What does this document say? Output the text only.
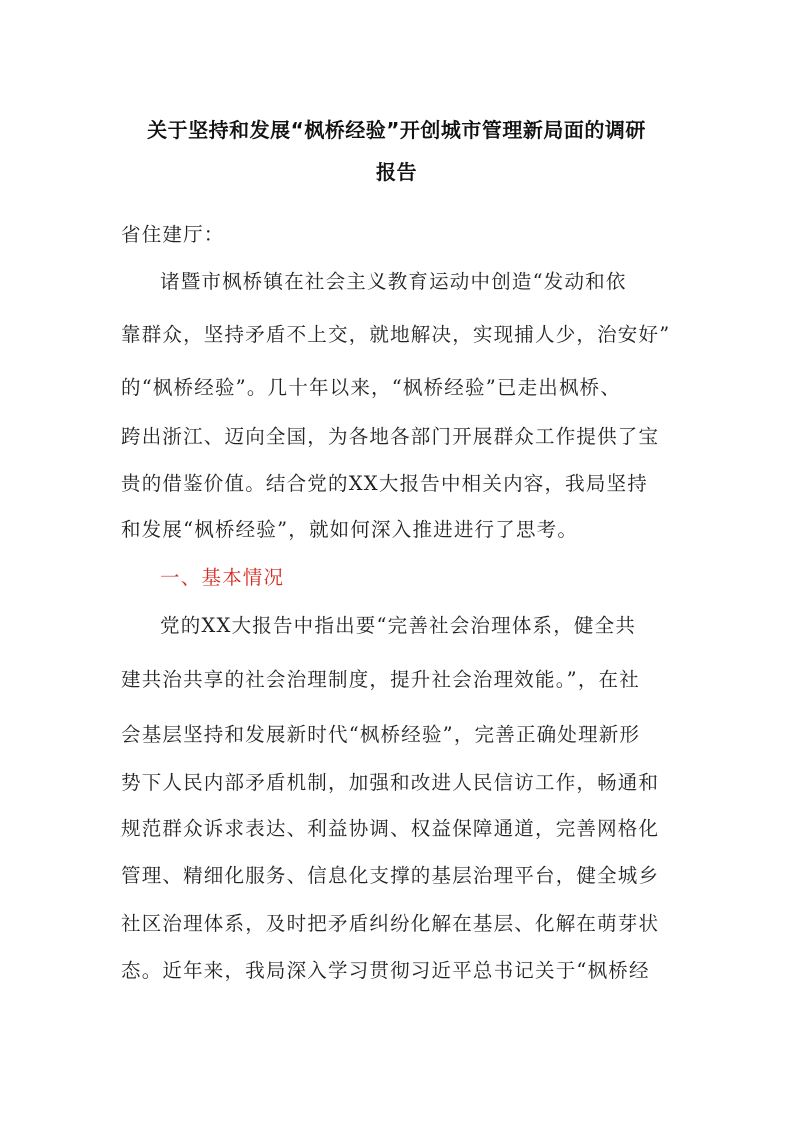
关于坚持和发展“枫桥经验”开创城市管理新局面的调研
报告
省住建厅：
诸暨市枫桥镇在社会主义教育运动中创造“发动和依
靠群众，坚持矛盾不上交，就地解决，实现捕人少，治安好”
的“枫桥经验”。几十年以来，“枫桥经验”已走出枫桥、
跨出浙江、迈向全国，为各地各部门开展群众工作提供了宝
贵的借鉴价值。结合党的XX大报告中相关内容，我局坚持
和发展“枫桥经验”，就如何深入推进进行了思考。
一、基本情况
党的XX大报告中指出要“完善社会治理体系，健全共
建共治共享的社会治理制度，提升社会治理效能。”，在社
会基层坚持和发展新时代“枫桥经验”，完善正确处理新形
势下人民内部矛盾机制，加强和改进人民信访工作，畅通和
规范群众诉求表达、利益协调、权益保障通道，完善网格化
管理、精细化服务、信息化支撑的基层治理平台，健全城乡
社区治理体系，及时把矛盾纠纷化解在基层、化解在萌芽状
态。近年来，我局深入学习贯彻习近平总书记关于“枫桥经
